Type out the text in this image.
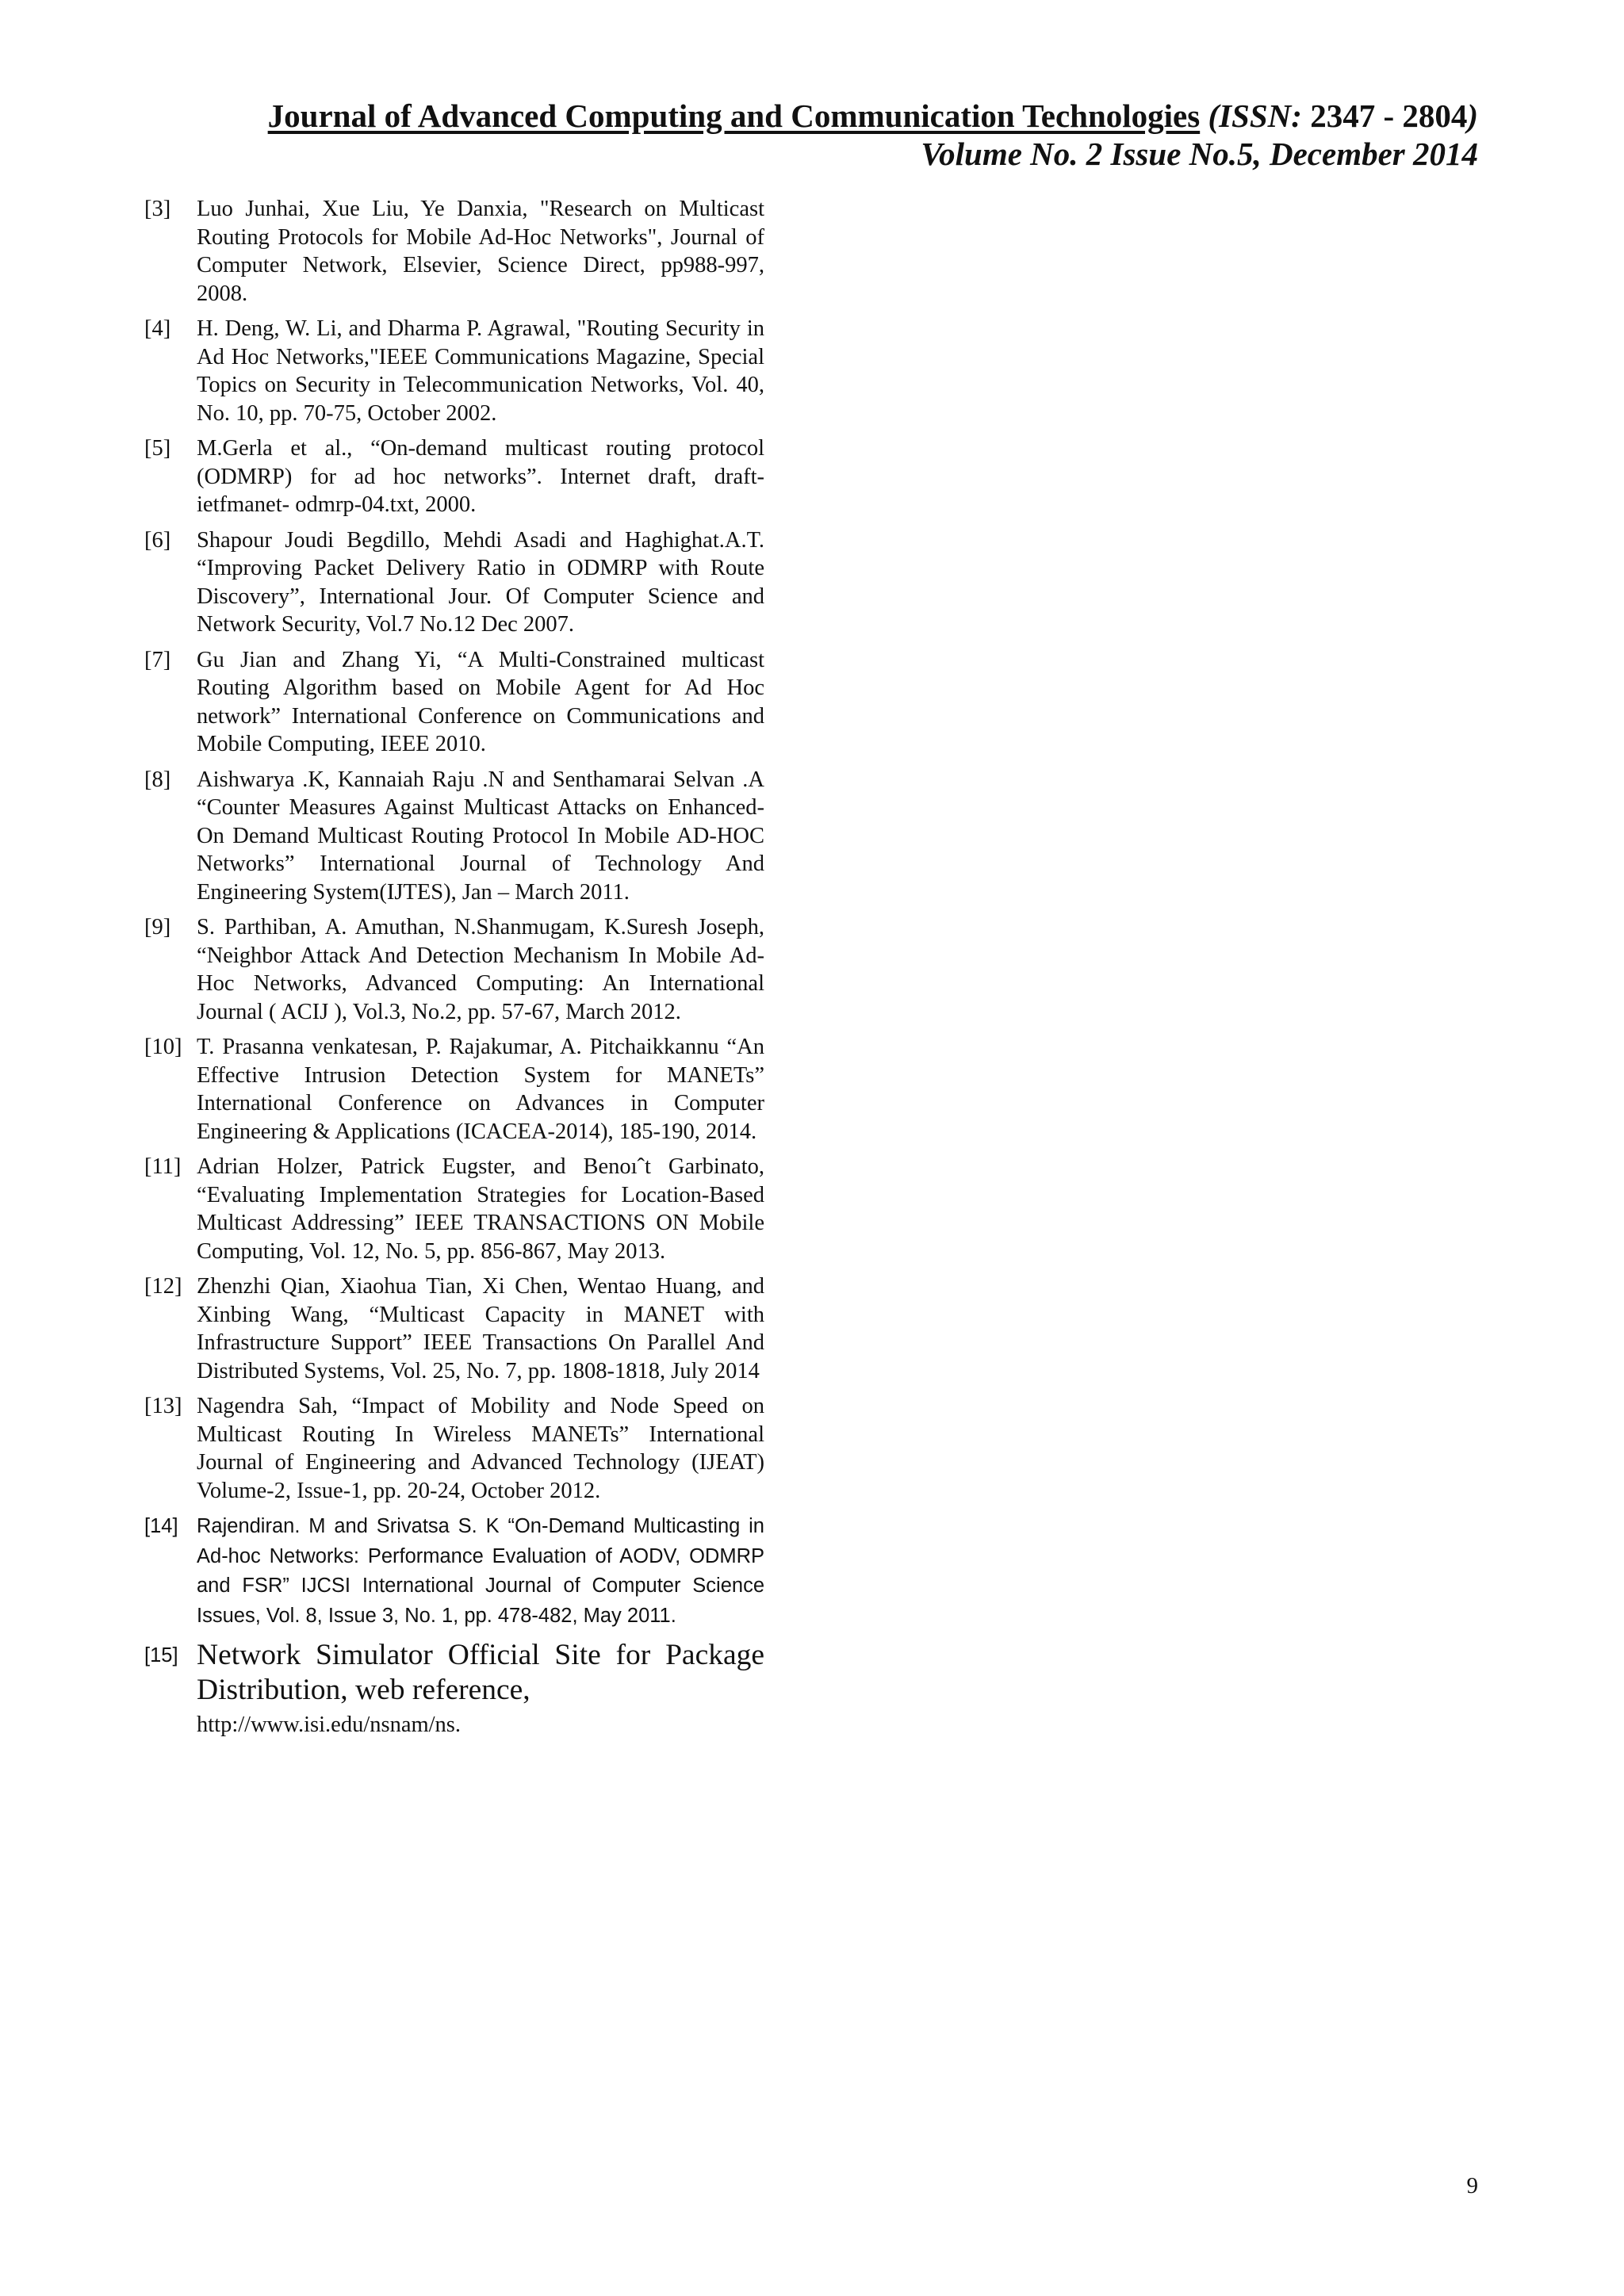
Journal of Advanced Computing and Communication Technologies (ISSN: 2347 - 2804)
Volume No. 2 Issue No.5, December 2014
[3]	Luo Junhai, Xue Liu, Ye Danxia, "Research on Multicast Routing Protocols for Mobile Ad-Hoc Networks", Journal of Computer Network, Elsevier, Science Direct, pp988-997, 2008.
[4]	H. Deng, W. Li, and Dharma P. Agrawal, "Routing Security in Ad Hoc Networks,"IEEE Communications Magazine, Special Topics on Security in Telecommunication Networks, Vol. 40, No. 10, pp. 70-75, October 2002.
[5]	M.Gerla et al., “On-demand multicast routing protocol (ODMRP) for ad hoc networks”. Internet draft, draft-ietfmanet- odmrp-04.txt, 2000.
[6]	Shapour Joudi Begdillo, Mehdi Asadi and Haghighat.A.T. “Improving Packet Delivery Ratio in ODMRP with Route Discovery”, International Jour. Of Computer Science and Network Security, Vol.7 No.12 Dec 2007.
[7]	Gu Jian and Zhang Yi, “A Multi-Constrained multicast Routing Algorithm based on Mobile Agent for Ad Hoc network” International Conference on Communications and Mobile Computing, IEEE 2010.
[8]	Aishwarya .K, Kannaiah Raju .N and Senthamarai Selvan .A “Counter Measures Against Multicast Attacks on Enhanced-On Demand Multicast Routing Protocol In Mobile AD-HOC Networks” International Journal of Technology And Engineering System(IJTES), Jan – March 2011.
[9]	S. Parthiban, A. Amuthan, N.Shanmugam, K.Suresh Joseph, “Neighbor Attack And Detection Mechanism In Mobile Ad-Hoc Networks, Advanced Computing: An International Journal ( ACIJ ), Vol.3, No.2, pp. 57-67, March 2012.
[10] T. Prasanna venkatesan, P. Rajakumar, A. Pitchaikkannu “An Effective Intrusion Detection System for MANETs” International Conference on Advances in Computer Engineering & Applications (ICACEA-2014), 185-190, 2014.
[11] Adrian Holzer, Patrick Eugster, and Benoıˆt Garbinato, “Evaluating Implementation Strategies for Location-Based Multicast Addressing” IEEE TRANSACTIONS ON Mobile Computing, Vol. 12, No. 5, pp. 856-867, May 2013.
[12] Zhenzhi Qian, Xiaohua Tian, Xi Chen, Wentao Huang, and Xinbing Wang, “Multicast Capacity in MANET with Infrastructure Support” IEEE Transactions On Parallel And Distributed Systems, Vol. 25, No. 7, pp. 1808-1818, July 2014
[13] Nagendra Sah, “Impact of Mobility and Node Speed on Multicast Routing In Wireless MANETs” International Journal of Engineering and Advanced Technology (IJEAT) Volume-2, Issue-1, pp. 20-24, October 2012.
[14] Rajendiran. M and Srivatsa S. K “On-Demand Multicasting in Ad-hoc Networks: Performance Evaluation of AODV, ODMRP and FSR” IJCSI International Journal of Computer Science Issues, Vol. 8, Issue 3, No. 1, pp. 478-482, May 2011.
[15] Network Simulator Official Site for Package Distribution, web reference,
http://www.isi.edu/nsnam/ns.
9
